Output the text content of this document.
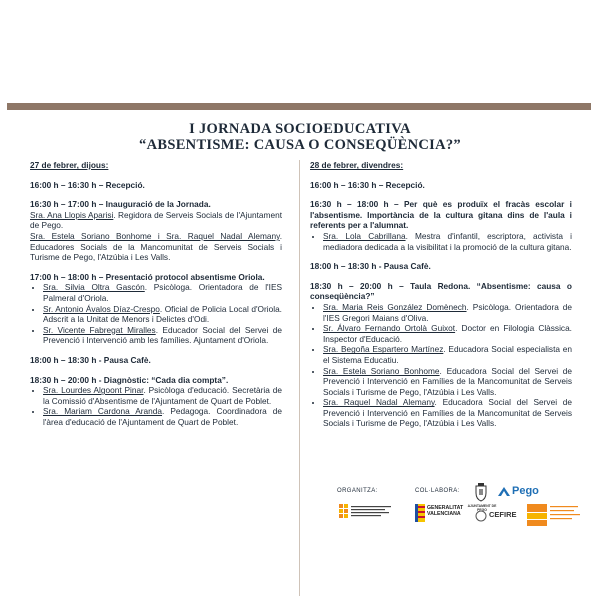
I JORNADA SOCIOEDUCATIVA
“ABSENTISME: CAUSA O CONSEQÜÈNCIA?”
27 de febrer, dijous:
16:00 h – 16:30 h – Recepció.
16:30 h – 17:00 h – Inauguració de la Jornada.

Sra. Ana Llopis Aparisi. Regidora de Serveis Socials de l'Ajuntament de Pego.

Sra. Estela Soriano Bonhome i Sra. Raquel Nadal Alemany. Educadores Socials de la Mancomunitat de Serveis Socials i Turisme de Pego, l'Atzúbia i Les Valls.

17:00 h – 18:00 h – Presentació protocol absentisme Oriola.
• Sra. Silvia Oltra Gascón. Psicòloga. Orientadora de l'IES Palmeral d'Oriola.
• Sr. Antonio Ávalos Díaz-Crespo. Oficial de Policia Local d'Oriola. Adscrit a la Unitat de Menors i Delictes d'Odi.
• Sr. Vicente Fabregat Miralles. Educador Social del Servei de Prevenció i Intervenció amb les famílies. Ajuntament d'Oriola.
18:00 h – 18:30 h - Pausa Cafè.
18:30 h – 20:00 h - Diagnòstic: “Cada dia compta”.
• Sra. Lourdes Algoont Pinar. Psicòloga d'educació. Secretària de la Comissió d'Absentisme de l'Ajuntament de Quart de Poblet.
• Sra. Mariam Cardona Aranda. Pedagoga. Coordinadora de l'àrea d'educació de l'Ajuntament de Quart de Poblet.
28 de febrer, divendres:
16:00 h – 16:30 h – Recepció.
16:30 h – 18:00 h – Per què es produïx el fracàs escolar i l'absentisme. Importància de la cultura gitana dins de l'aula i referents per a l'alumnat.
• Sra. Lola Cabrillana. Mestra d'infantil, escriptora, activista i mediadora dedicada a la visibilitat i la promoció de la cultura gitana.
18:00 h – 18:30 h - Pausa Cafè.
18:30 h – 20:00 h – Taula Redona. “Absentisme: causa o conseqüència?”
• Sra. Maria Reis González Domènech. Psicòloga. Orientadora de l'IES Gregori Maians d'Oliva.
• Sr. Álvaro Fernando Ortolà Guixot. Doctor en Filologia Clàssica. Inspector d'Educació.
• Sra. Begoña Espartero Martínez. Educadora Social especialista en el Sistema Educatiu.
• Sra. Estela Soriano Bonhome. Educadora Social del Servei de Prevenció i Intervenció en Famílies de la Mancomunitat de Serveis Socials i Turisme de Pego, l'Atzúbia i Les Valls.
• Sra. Raquel Nadal Alemany. Educadora Social del Servei de Prevenció i Intervenció en Famílies de la Mancomunitat de Serveis Socials i Turisme de Pego, l'Atzúbia i Les Valls.
ORGANITZA:	COL·LABORA:
AJUNTAMENT DE PEGO
Pego
GENERALITAT VALENCIANA	CEFIRE
